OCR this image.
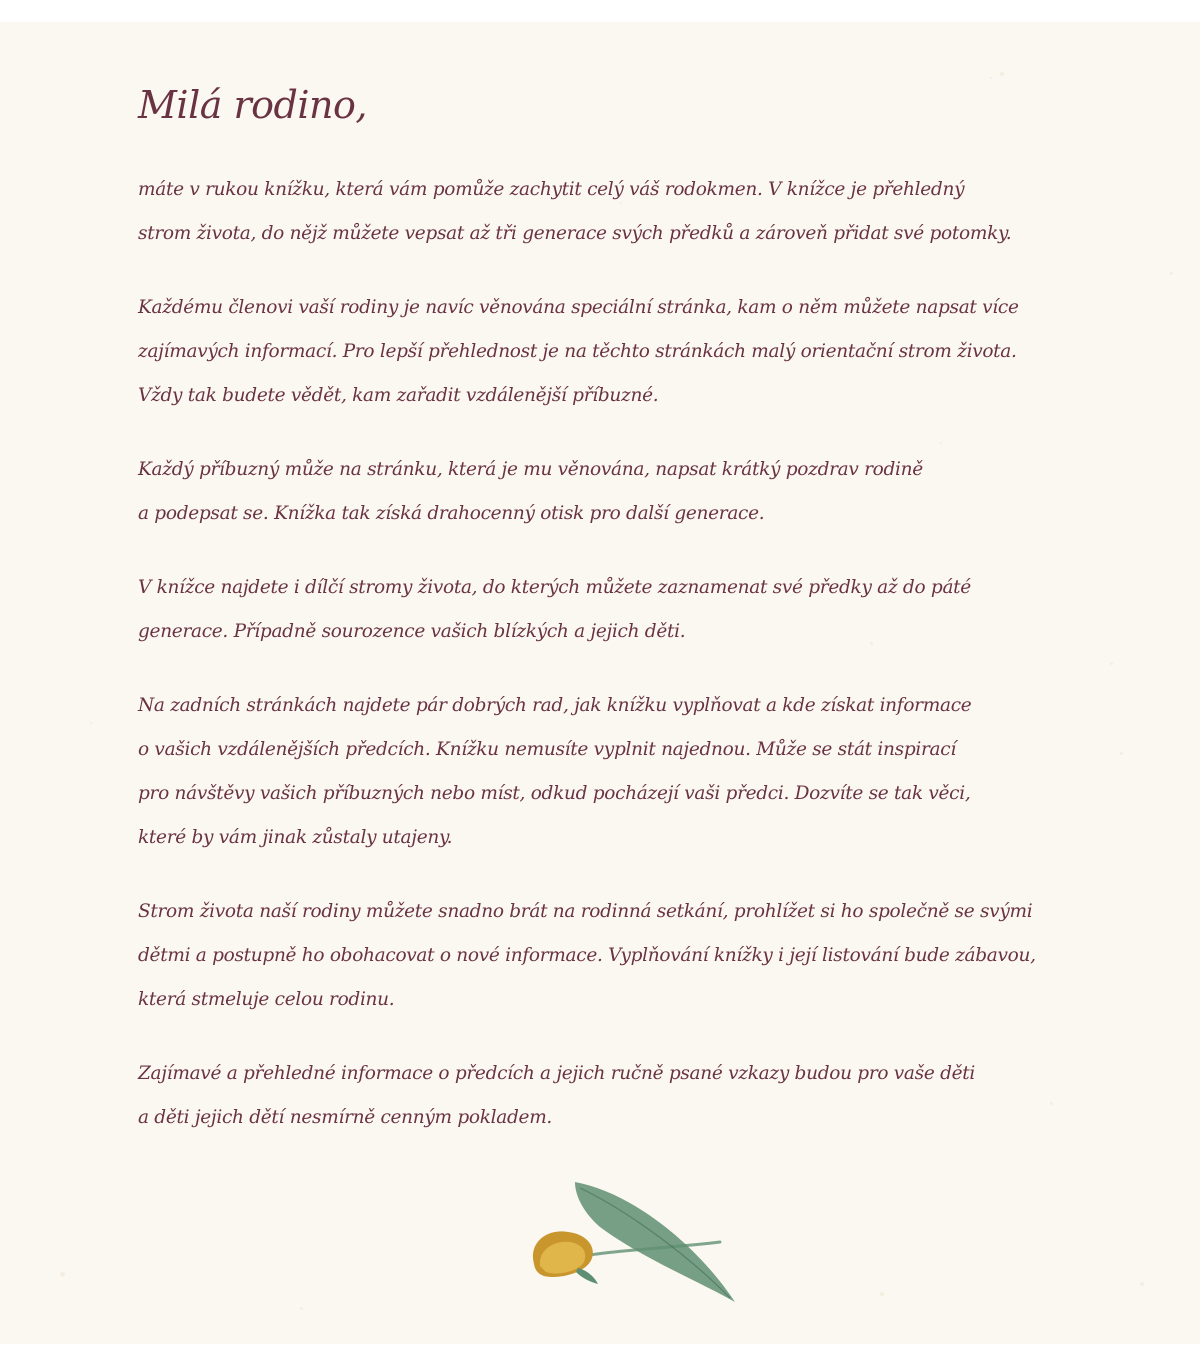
Milá rodino,

máte v rukou knížku, která vám pomůže zachytit celý váš rodokmen. V knížce je přehledný
strom života, do nějž můžete vepsat až tři generace svých předků a zároveň přidat své potomky.

Každému členovi vaší rodiny je navíc věnována speciální stránka, kam o něm můžete napsat více
zajímavých informací. Pro lepší přehlednost je na těchto stránkách malý orientační strom života.
Vždy tak budete vědět, kam zařadit vzdálenější příbuzné.

Každý příbuzný může na stránku, která je mu věnována, napsat krátký pozdrav rodině
a podepsat se. Knížka tak získá drahocenný otisk pro další generace.

V knížce najdete i dílčí stromy života, do kterých můžete zaznamenat své předky až do páté
generace. Případně sourozence vašich blízkých a jejich děti.

Na zadních stránkách najdete pár dobrých rad, jak knížku vyplňovat a kde získat informace
o vašich vzdálenějších předcích. Knížku nemusíte vyplnit najednou. Může se stát inspirací
pro návštěvy vašich příbuzných nebo míst, odkud pocházejí vaši předci. Dozvíte se tak věci,
které by vám jinak zůstaly utajeny.

Strom života naší rodiny můžete snadno brát na rodinná setkání, prohlížet si ho společně se svými
dětmi a postupně ho obohacovat o nové informace. Vyplňování knížky i její listování bude zábavou,
která stmeluje celou rodinu.

Zajímavé a přehledné informace o předcích a jejich ručně psané vzkazy budou pro vaše děti
a děti jejich dětí nesmírně cenným pokladem.
